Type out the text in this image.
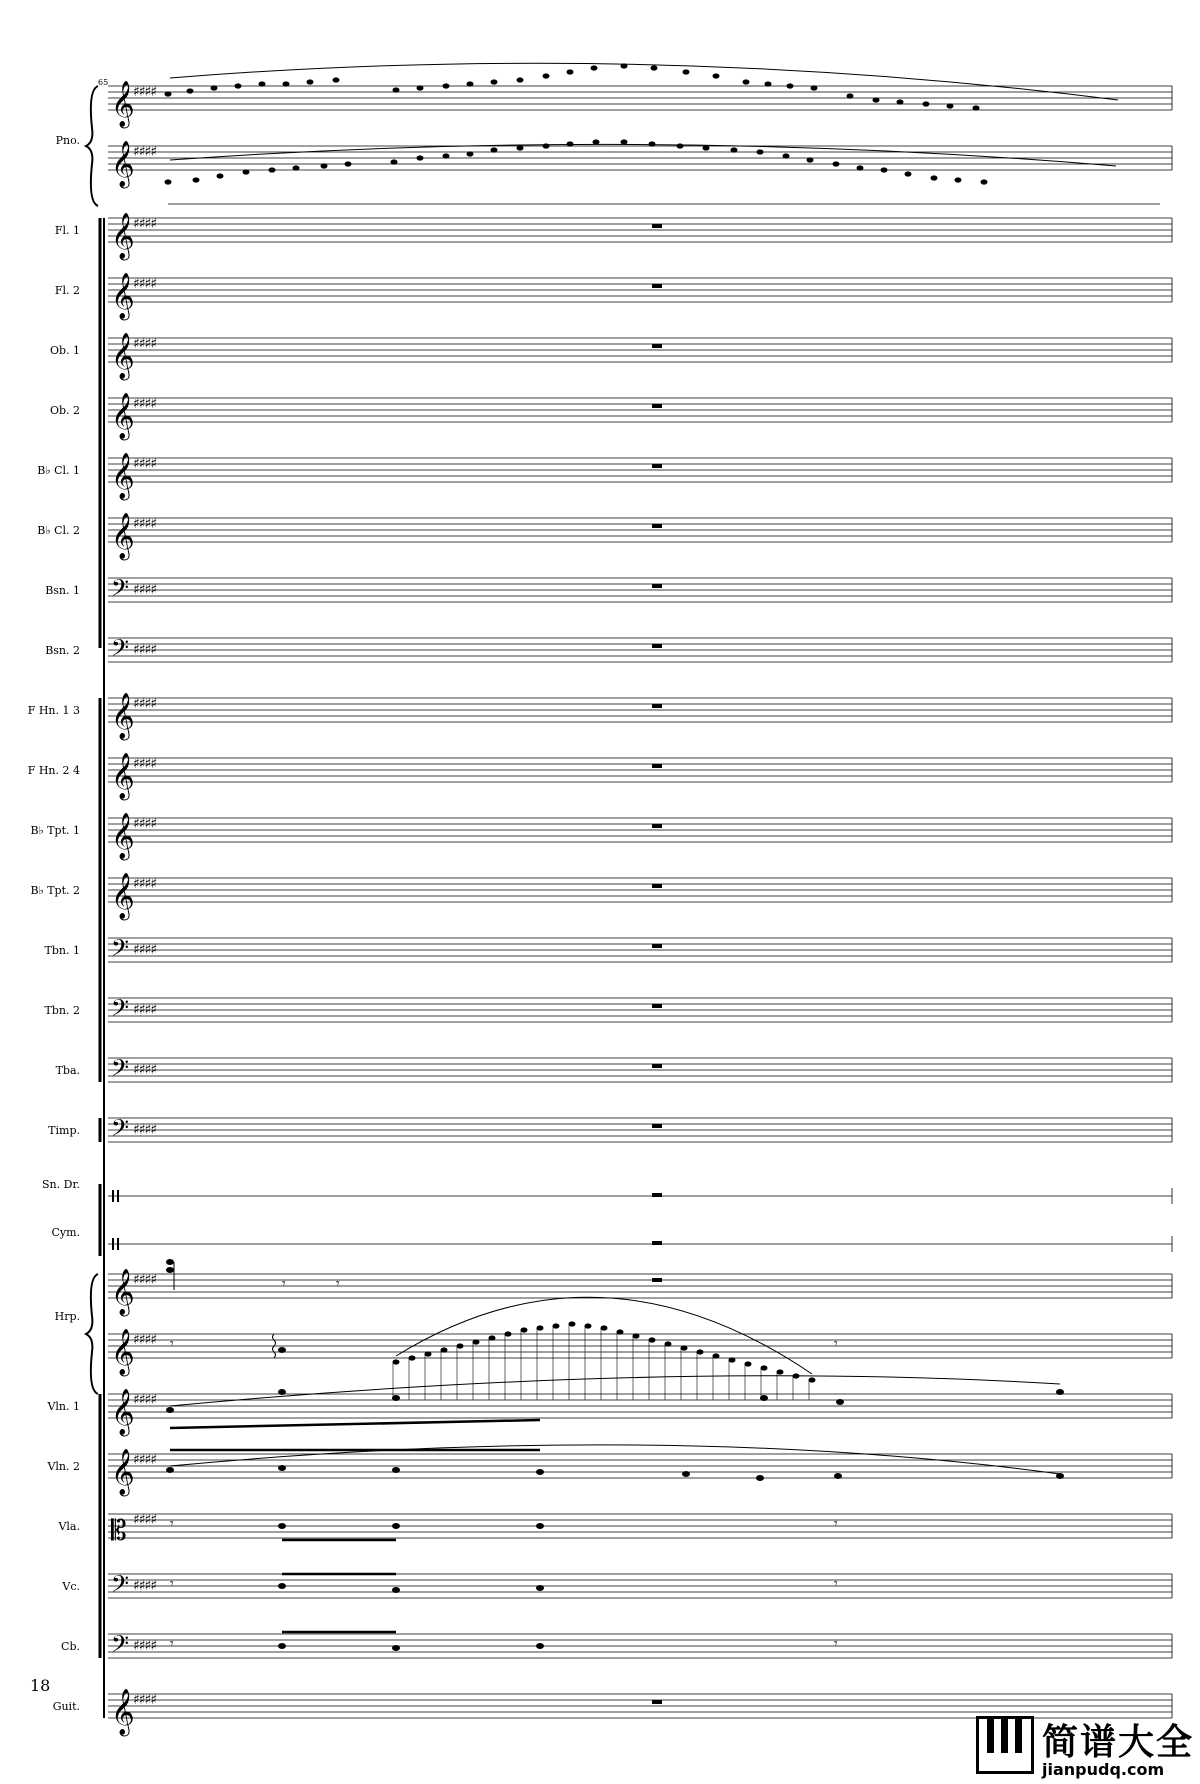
𝄞
♯♯♯♯
𝄞
♯♯♯♯
𝄞
♯♯♯♯
𝄞
♯♯♯♯
𝄞
♯♯♯♯
𝄞
♯♯♯♯
𝄞
♯♯♯♯
𝄞
♯♯♯♯
𝄢 ♯♯♯♯
𝄢 ♯♯♯♯
𝄞
♯♯♯♯
𝄞
♯♯♯♯
𝄞
♯♯♯♯
𝄞
♯♯♯♯
𝄢 ♯♯♯♯
𝄢 ♯♯♯♯
𝄢 ♯♯♯♯
𝄢 ♯♯♯♯
𝄞
♯♯♯♯
𝄞
♯♯♯♯
𝄞
♯♯♯♯
𝄞
♯♯♯♯
𝄡 ♯♯♯♯
𝄢 ♯♯♯♯
𝄢 ♯♯♯♯
𝄞
♯♯♯♯
𝄾	𝄾
𝄾	𝄾
𝄾	𝄾
𝄾	𝄾
𝄾	𝄾
65
Pno.
Fl. 1
Fl. 2
Ob. 1
Ob. 2
B♭ Cl. 1
B♭ Cl. 2
Bsn. 1
Bsn. 2
F Hn. 1 3
F Hn. 2 4
B♭ Tpt. 1
B♭ Tpt. 2
Tbn. 1
Tbn. 2
Tba.
Timp.
Sn. Dr.
Cym.
Hrp.
Vln. 1
Vln. 2
Vla.
Vc.
Cb.
Guit.
18
简谱大全
jianpudq.com
